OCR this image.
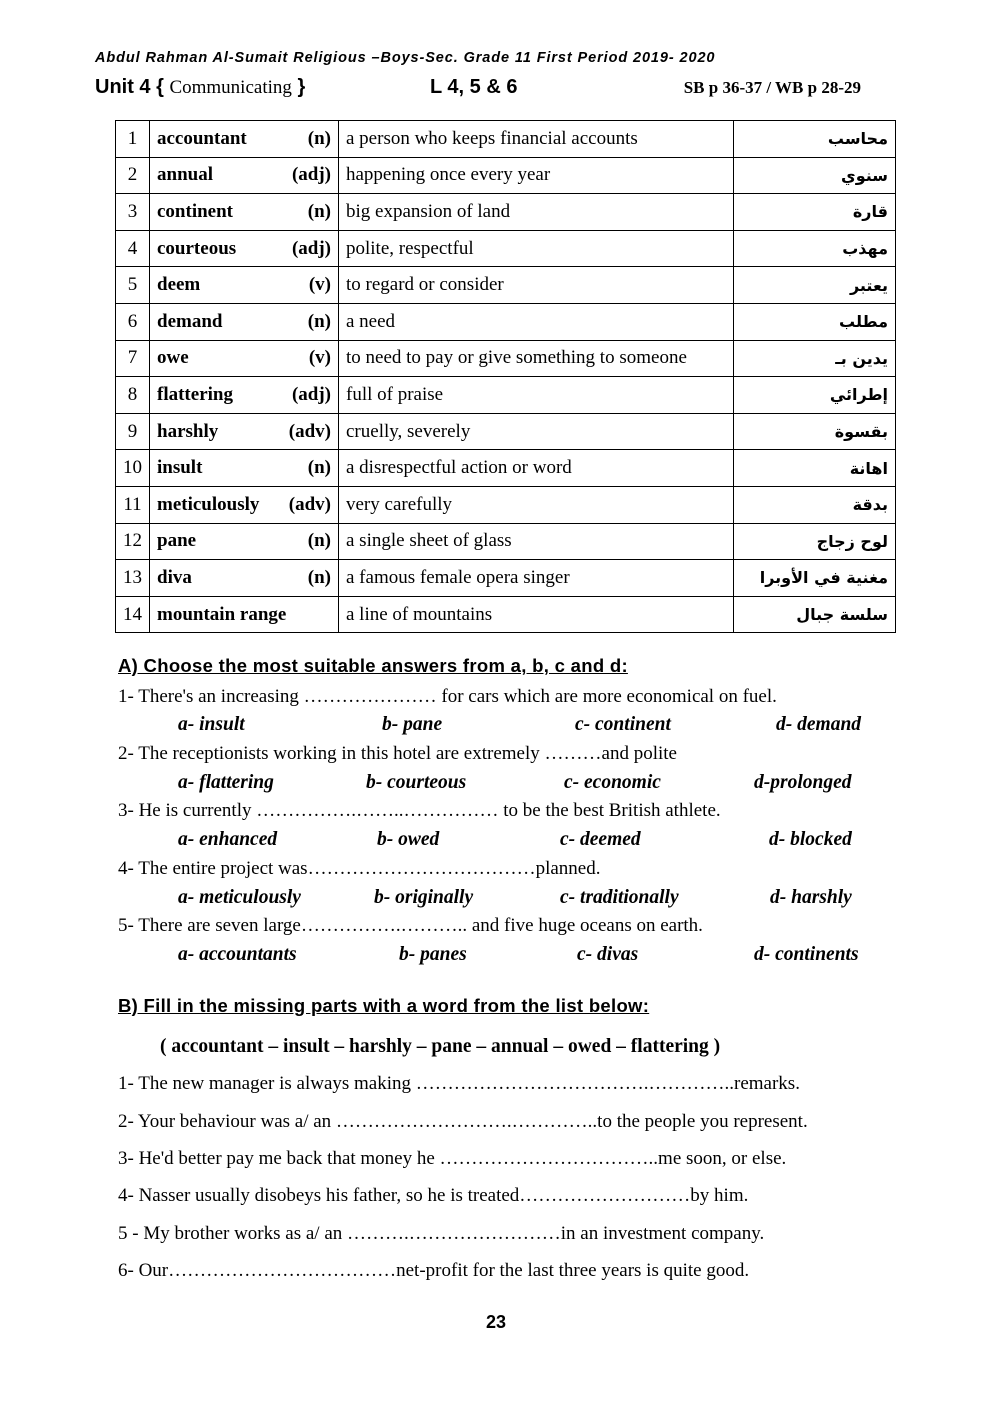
Abdul Rahman Al-Sumait Religious –Boys-Sec. Grade 11 First Period 2019- 2020
Unit 4 { Communicating }	L 4, 5 & 6	SB p 36-37 / WB p 28-29
1	accountant (n)	a person who keeps financial accounts	محاسب
2	annual (adj)	happening once every year	سنوي
3	continent (n)	big expansion of land	قارة
4	courteous (adj)	polite, respectful	مهذب
5	deem (v)	to regard or consider	يعتبر
6	demand (n)	a need	مطلب
7	owe (v)	to need to pay or give something to someone	يدين بـ
8	flattering (adj)	full of praise	إطرائي
9	harshly (adv)	cruelly, severely	بقسوة
10	insult (n)	a disrespectful action or word	اهانة
11	meticulously (adv)	very carefully	بدقة
12	pane (n)	a single sheet of glass	لوح زجاج
13	diva (n)	a famous female opera singer	مغنية في الأوبرا
14	mountain range	a line of mountains	سلسة جبال
A) Choose the most suitable answers from a, b, c and d:
1- There's an increasing ………………… for cars which are more economical on fuel.
a- insult	b- pane	c- continent	d- demand
2- The receptionists working in this hotel are extremely ………and polite
a- flattering	b- courteous	c- economic	d-prolonged
3- He is currently …………….……..…………… to be the best British athlete.
a- enhanced	b- owed	c- deemed	d- blocked
4- The entire project was………………………………planned.
a- meticulously	b- originally	c- traditionally	d- harshly
5- There are seven large…………….……….. and five huge oceans on earth.
a- accountants	b- panes	c- divas	d- continents
B) Fill in the missing parts with a word from the list below:
( accountant – insult – harshly – pane – annual – owed – flattering )
1- The new manager is always making ……………………………….…………..remarks.
2- Your behaviour was a/ an ……………………….…………..to the people you represent.
3- He'd better pay me back that money he ……………………………..me soon, or else.
4- Nasser usually disobeys his father, so he is treated………………………by him.
5 - My brother works as a/ an ……….……………………in an investment company.
6- Our………………………………net-profit for the last three years is quite good.
23
